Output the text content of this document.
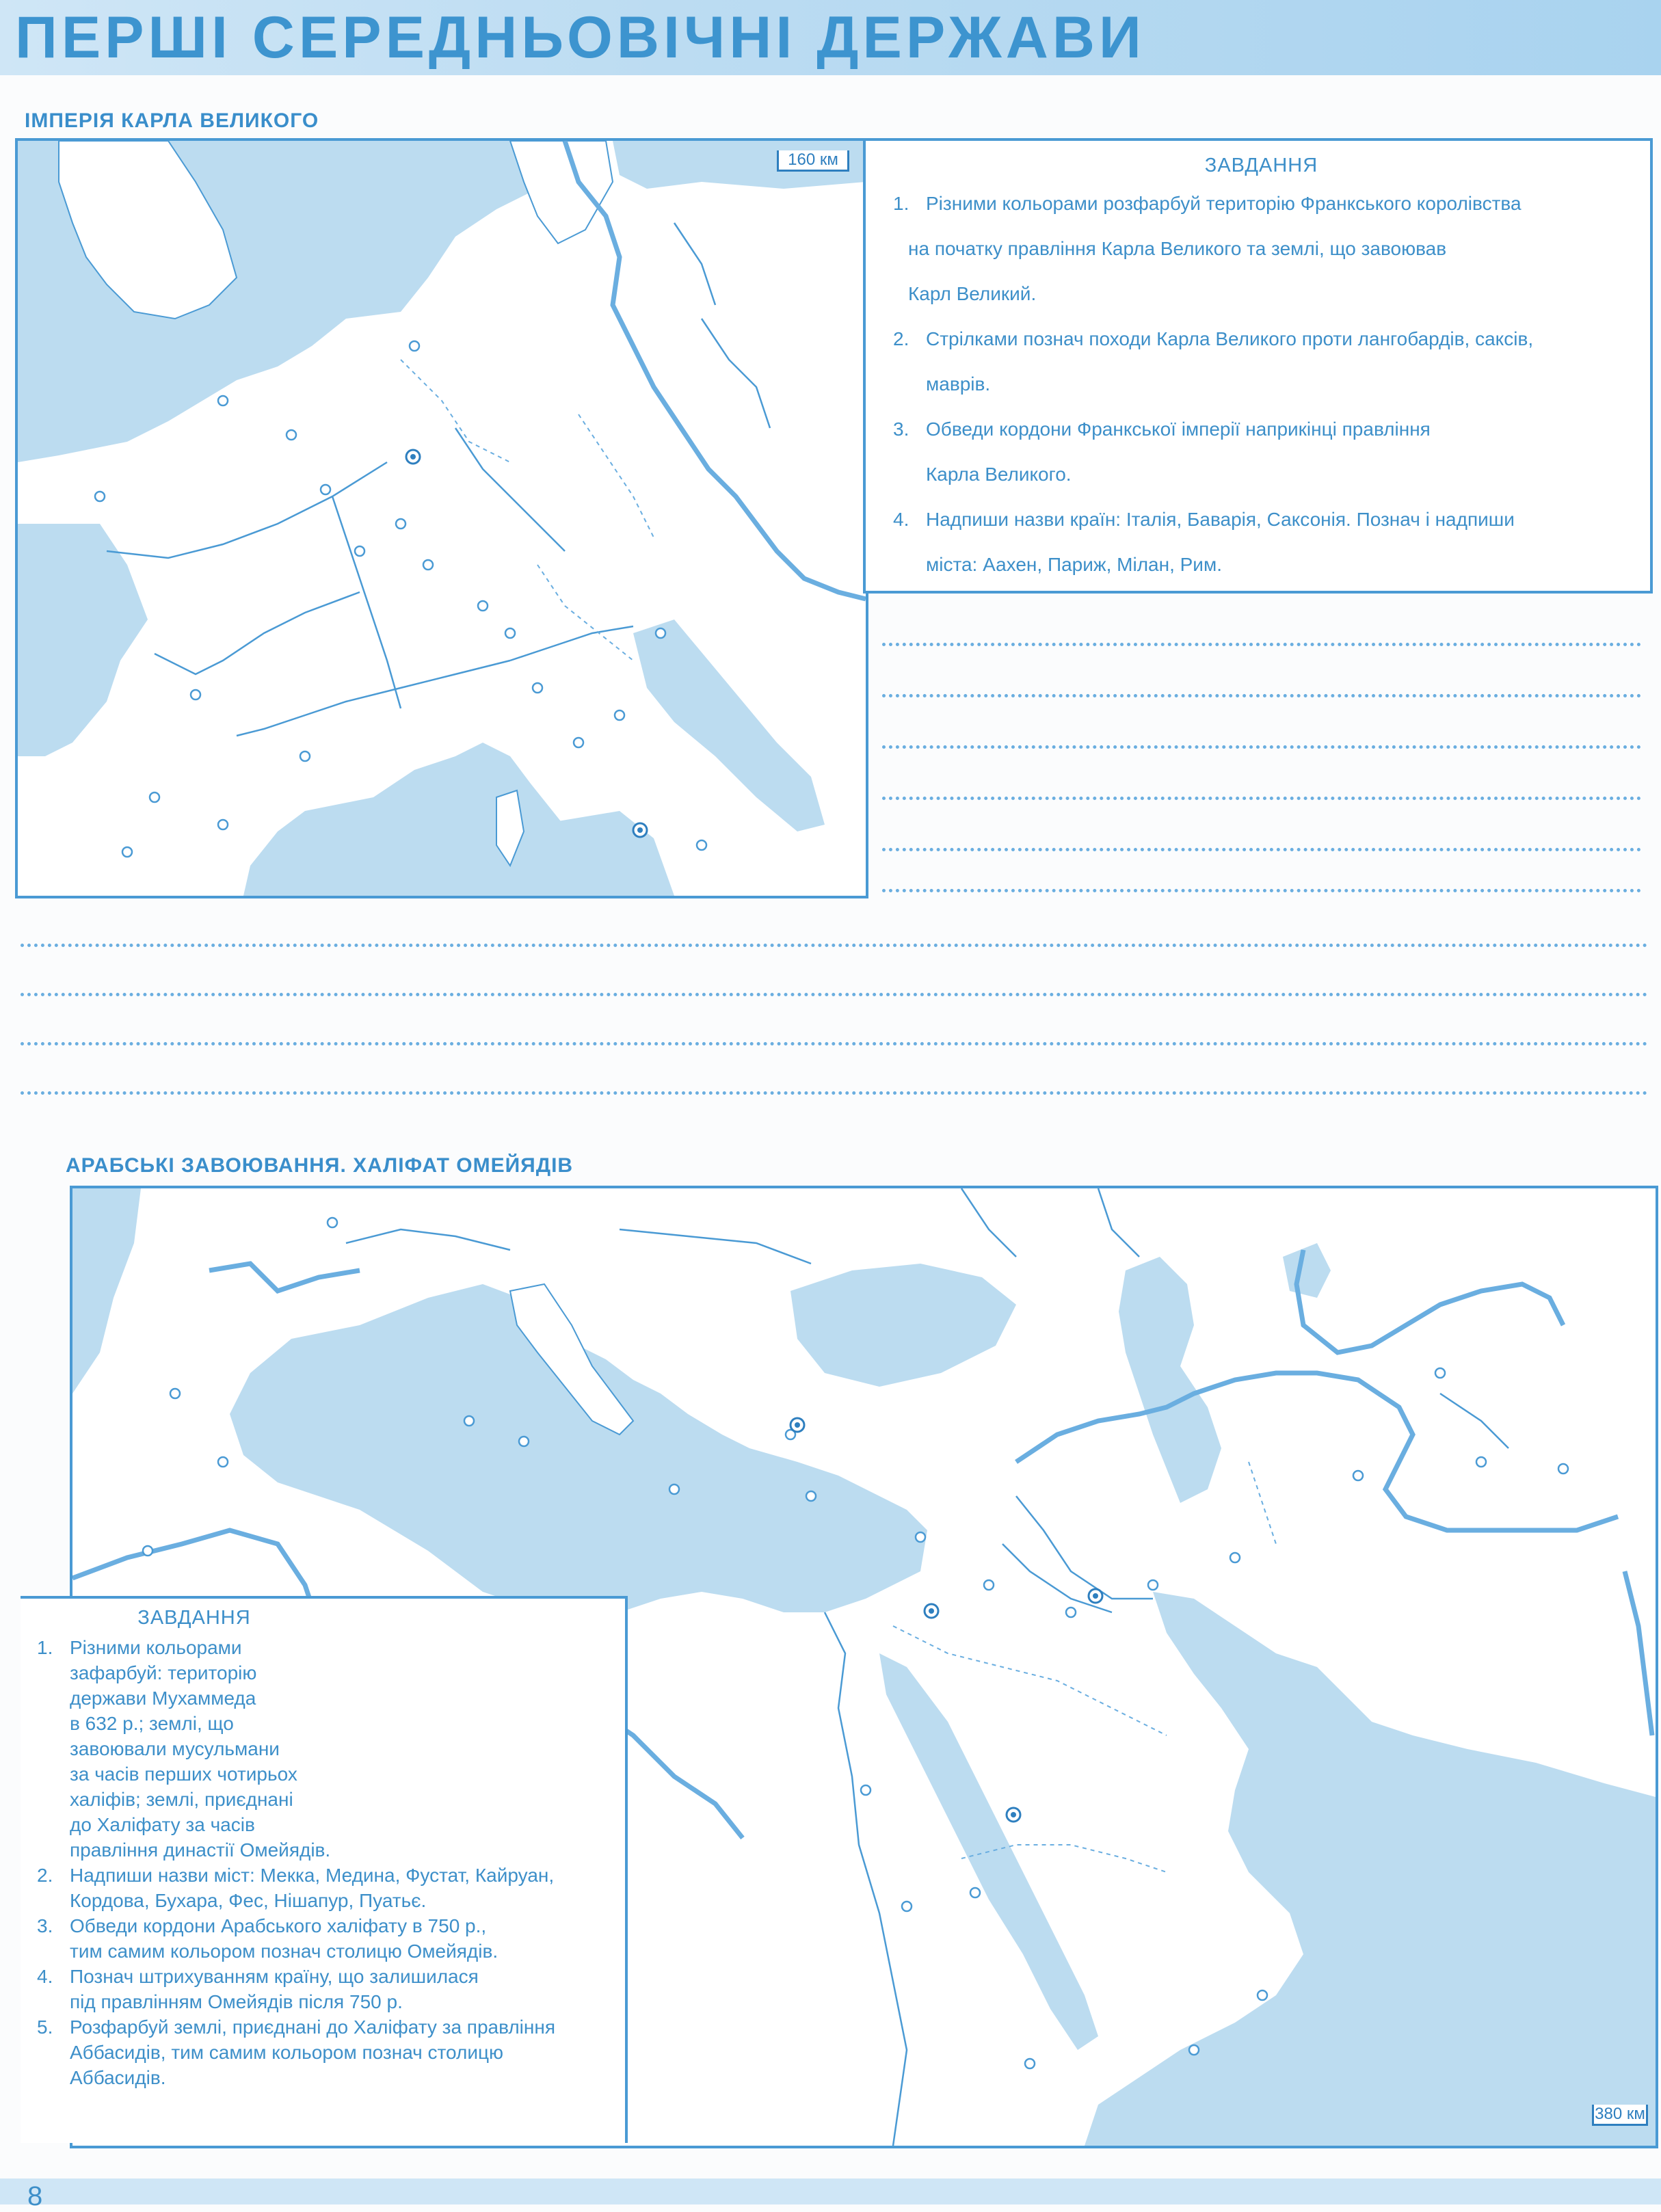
ПЕРШІ СЕРЕДНЬОВІЧНІ ДЕРЖАВИ
ІМПЕРІЯ КАРЛА ВЕЛИКОГО
160 км	ЗАВДАННЯ
1. Різними кольорами розфарбуй територію Франкського королівства
на початку правління Карла Великого та землі, що завоював
Карл Великий.
2. Стрілками познач походи Карла Великого проти лангобардів, саксів,
маврів.
3. Обведи кордони Франкської імперії наприкінці правління
Карла Великого.
4. Надпиши назви країн: Італія, Баварія, Саксонія. Познач і надпиши
міста: Аахен, Париж, Мілан, Рим.
АРАБСЬКІ ЗАВОЮВАННЯ. ХАЛІФАТ ОМЕЙЯДІВ
380 км
ЗАВДАННЯ
1. Різними кольорами
зафарбуй: територію
держави Мухаммеда
в 632 р.; землі, що
завоювали мусульмани
за часів перших чотирьох
халіфів; землі, приєднані
до Халіфату за часів
правління династії Омейядів.
2. Надпиши назви міст: Мекка, Медина, Фустат, Кайруан,
Кордова, Бухара, Фес, Нішапур, Пуатьє.
3. Обведи кордони Арабського халіфату в 750 р.,
тим самим кольором познач столицю Омейядів.
4. Познач штрихуванням країну, що залишилася
під правлінням Омейядів після 750 р.
5. Розфарбуй землі, приєднані до Халіфату за правління
Аббасидів, тим самим кольором познач столицю
Аббасидів.
8
